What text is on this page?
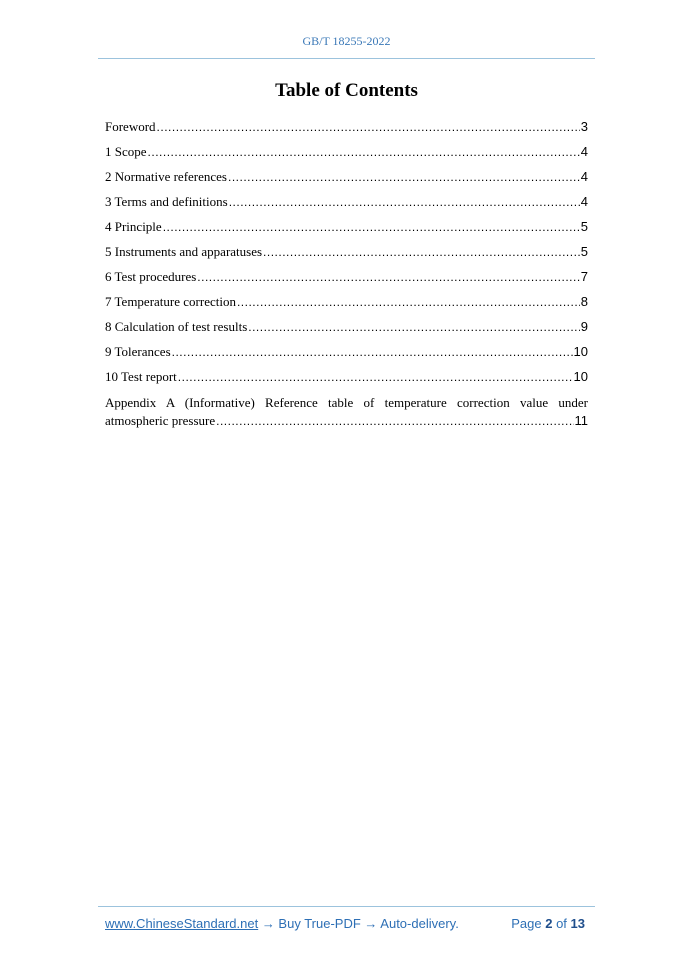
GB/T 18255-2022
Table of Contents
Foreword .....	3
1 Scope .....	4
2 Normative references .....	4
3 Terms and definitions .....	4
4 Principle .....	5
5 Instruments and apparatuses .....	5
6 Test procedures .....	7
7 Temperature correction .....	8
8 Calculation of test results .....	9
9 Tolerances .....	10
10 Test report .....	10
Appendix A (Informative) Reference table of temperature correction value under
atmospheric pressure .....	11
www.ChineseStandard.net → Buy True-PDF → Auto-delivery.	Page 2 of 13
